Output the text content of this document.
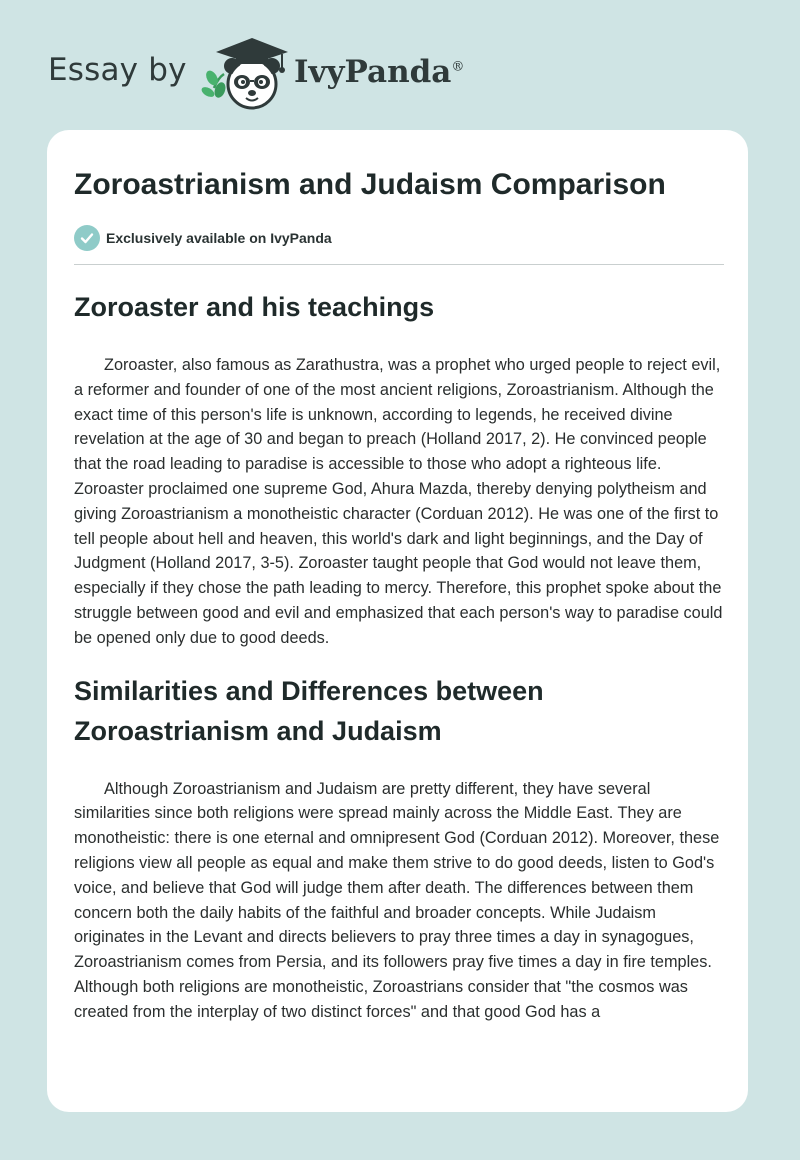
Essay by	IvyPanda®
Zoroastrianism and Judaism Comparison
Exclusively available on IvyPanda
Zoroaster and his teachings

Zoroaster, also famous as Zarathustra, was a prophet who urged people to reject evil, a reformer and founder of one of the most ancient religions, Zoroastrianism. Although the exact time of this person's life is unknown, according to legends, he received divine revelation at the age of 30 and began to preach (Holland 2017, 2). He convinced people that the road leading to paradise is accessible to those who adopt a righteous life. Zoroaster proclaimed one supreme God, Ahura Mazda, thereby denying polytheism and giving Zoroastrianism a monotheistic character (Corduan 2012). He was one of the first to tell people about hell and heaven, this world's dark and light beginnings, and the Day of Judgment (Holland 2017, 3-5). Zoroaster taught people that God would not leave them, especially if they chose the path leading to mercy. Therefore, this prophet spoke about the struggle between good and evil and emphasized that each person's way to paradise could be opened only due to good deeds.

Similarities and Differences between Zoroastrianism and Judaism

Although Zoroastrianism and Judaism are pretty different, they have several similarities since both religions were spread mainly across the Middle East. They are monotheistic: there is one eternal and omnipresent God (Corduan 2012). Moreover, these religions view all people as equal and make them strive to do good deeds, listen to God's voice, and believe that God will judge them after death. The differences between them concern both the daily habits of the faithful and broader concepts. While Judaism originates in the Levant and directs believers to pray three times a day in synagogues, Zoroastrianism comes from Persia, and its followers pray five times a day in fire temples. Although both religions are monotheistic, Zoroastrians consider that "the cosmos was created from the interplay of two distinct forces" and that good God has a
